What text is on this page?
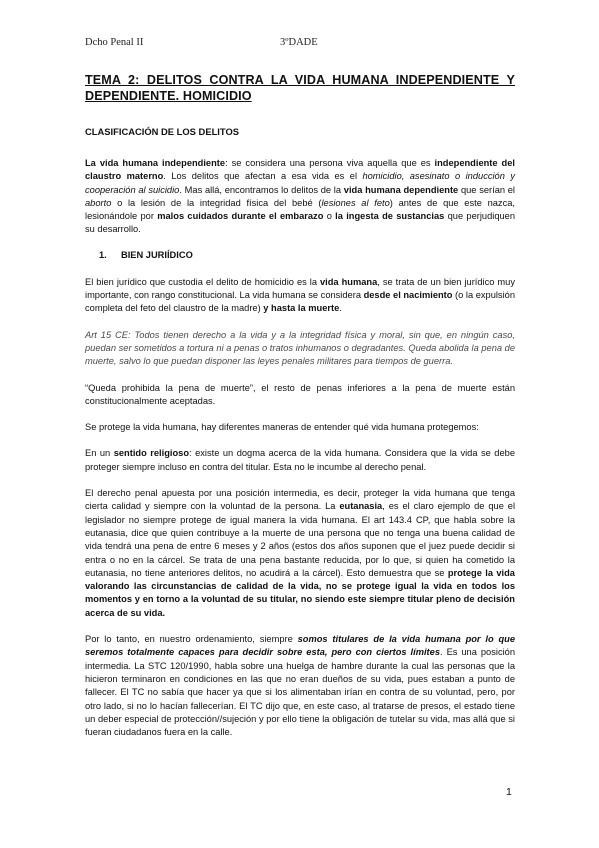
Dcho Penal II	3ºDADE
TEMA 2: DELITOS CONTRA LA VIDA HUMANA INDEPENDIENTE Y DEPENDIENTE. HOMICIDIO
CLASIFICACIÓN DE LOS DELITOS

La vida humana independiente: se considera una persona viva aquella que es independiente del claustro materno. Los delitos que afectan a esa vida es el homicidio, asesinato o inducción y cooperación al suicidio. Mas allá, encontramos lo delitos de la vida humana dependiente que serían el aborto o la lesión de la integridad física del bebé (lesiones al feto) antes de que este nazca, lesionándole por malos cuidados durante el embarazo o la ingesta de sustancias que perjudiquen su desarrollo.

1. BIEN JURIÍDICO

El bien jurídico que custodia el delito de homicidio es la vida humana, se trata de un bien jurídico muy importante, con rango constitucional. La vida humana se considera desde el nacimiento (o la expulsión completa del feto del claustro de la madre) y hasta la muerte.

Art 15 CE: Todos tienen derecho a la vida y a la integridad física y moral, sin que, en ningún caso, puedan ser sometidos a tortura ni a penas o tratos inhumanos o degradantes. Queda abolida la pena de muerte, salvo lo que puedan disponer las leyes penales militares para tiempos de guerra.

“Queda prohibida la pena de muerte”, el resto de penas inferiores a la pena de muerte están constitucionalmente aceptadas.

Se protege la vida humana, hay diferentes maneras de entender qué vida humana protegemos:

En un sentido religioso: existe un dogma acerca de la vida humana. Considera que la vida se debe proteger siempre incluso en contra del titular. Esta no le incumbe al derecho penal.

El derecho penal apuesta por una posición intermedia, es decir, proteger la vida humana que tenga cierta calidad y siempre con la voluntad de la persona. La eutanasia, es el claro ejemplo de que el legislador no siempre protege de igual manera la vida humana. El art 143.4 CP, que habla sobre la eutanasia, dice que quien contribuye a la muerte de una persona que no tenga una buena calidad de vida tendrá una pena de entre 6 meses y 2 años (estos dos años suponen que el juez puede decidir si entra o no en la cárcel. Se trata de una pena bastante reducida, por lo que, si quien ha cometido la eutanasia, no tiene anteriores delitos, no acudirá a la cárcel). Esto demuestra que se protege la vida valorando las circunstancias de calidad de la vida, no se protege igual la vida en todos los momentos y en torno a la voluntad de su titular, no siendo este siempre titular pleno de decisión acerca de su vida.

Por lo tanto, en nuestro ordenamiento, siempre somos titulares de la vida humana por lo que seremos totalmente capaces para decidir sobre esta, pero con ciertos límites. Es una posición intermedia. La STC 120/1990, habla sobre una huelga de hambre durante la cual las personas que la hicieron terminaron en condiciones en las que no eran dueños de su vida, pues estaban a punto de fallecer. El TC no sabía que hacer ya que si los alimentaban irían en contra de su voluntad, pero, por otro lado, si no lo hacían fallecerían. El TC dijo que, en este caso, al tratarse de presos, el estado tiene un deber especial de protección//sujeción y por ello tiene la obligación de tutelar su vida, mas allá que si fueran ciudadanos fuera en la calle.

1
